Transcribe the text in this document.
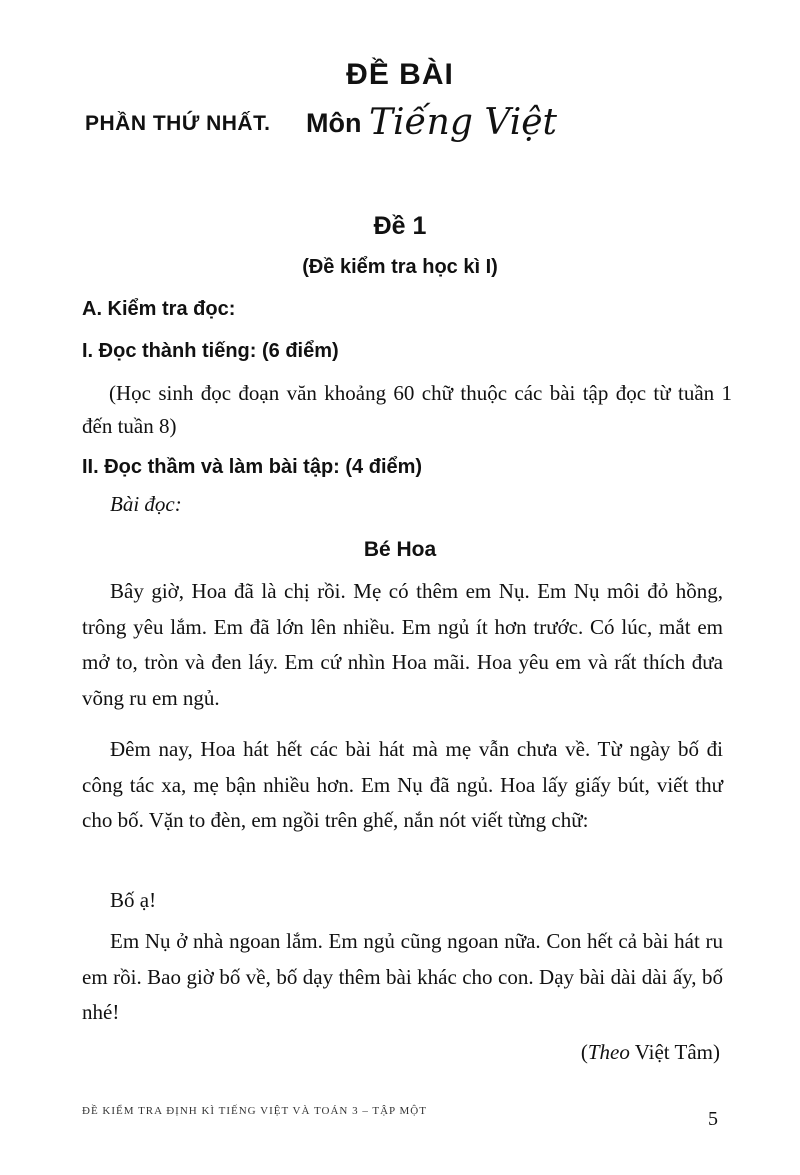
ĐỀ BÀI
PHẦN THỨ NHẤT. Môn Tiếng Việt
Đề 1
(Đề kiểm tra học kì I)
A. Kiểm tra đọc:
I. Đọc thành tiếng: (6 điểm)
(Học sinh đọc đoạn văn khoảng 60 chữ thuộc các bài tập đọc từ tuần 1 đến tuần 8)
II. Đọc thầm và làm bài tập: (4 điểm)
Bài đọc:
Bé Hoa

Bây giờ, Hoa đã là chị rồi. Mẹ có thêm em Nụ. Em Nụ môi đỏ hồng, trông yêu lắm. Em đã lớn lên nhiều. Em ngủ ít hơn trước. Có lúc, mắt em mở to, tròn và đen láy. Em cứ nhìn Hoa mãi. Hoa yêu em và rất thích đưa võng ru em ngủ.

Đêm nay, Hoa hát hết các bài hát mà mẹ vẫn chưa về. Từ ngày bố đi công tác xa, mẹ bận nhiều hơn. Em Nụ đã ngủ. Hoa lấy giấy bút, viết thư cho bố. Vặn to đèn, em ngồi trên ghế, nắn nót viết từng chữ:

Bố ạ!

Em Nụ ở nhà ngoan lắm. Em ngủ cũng ngoan nữa. Con hết cả bài hát ru em rồi. Bao giờ bố về, bố dạy thêm bài khác cho con. Dạy bài dài dài ấy, bố nhé!

(Theo Việt Tâm)
ĐỀ KIỂM TRA ĐỊNH KÌ TIẾNG VIỆT VÀ TOÁN 3 – TẬP MỘT	5
